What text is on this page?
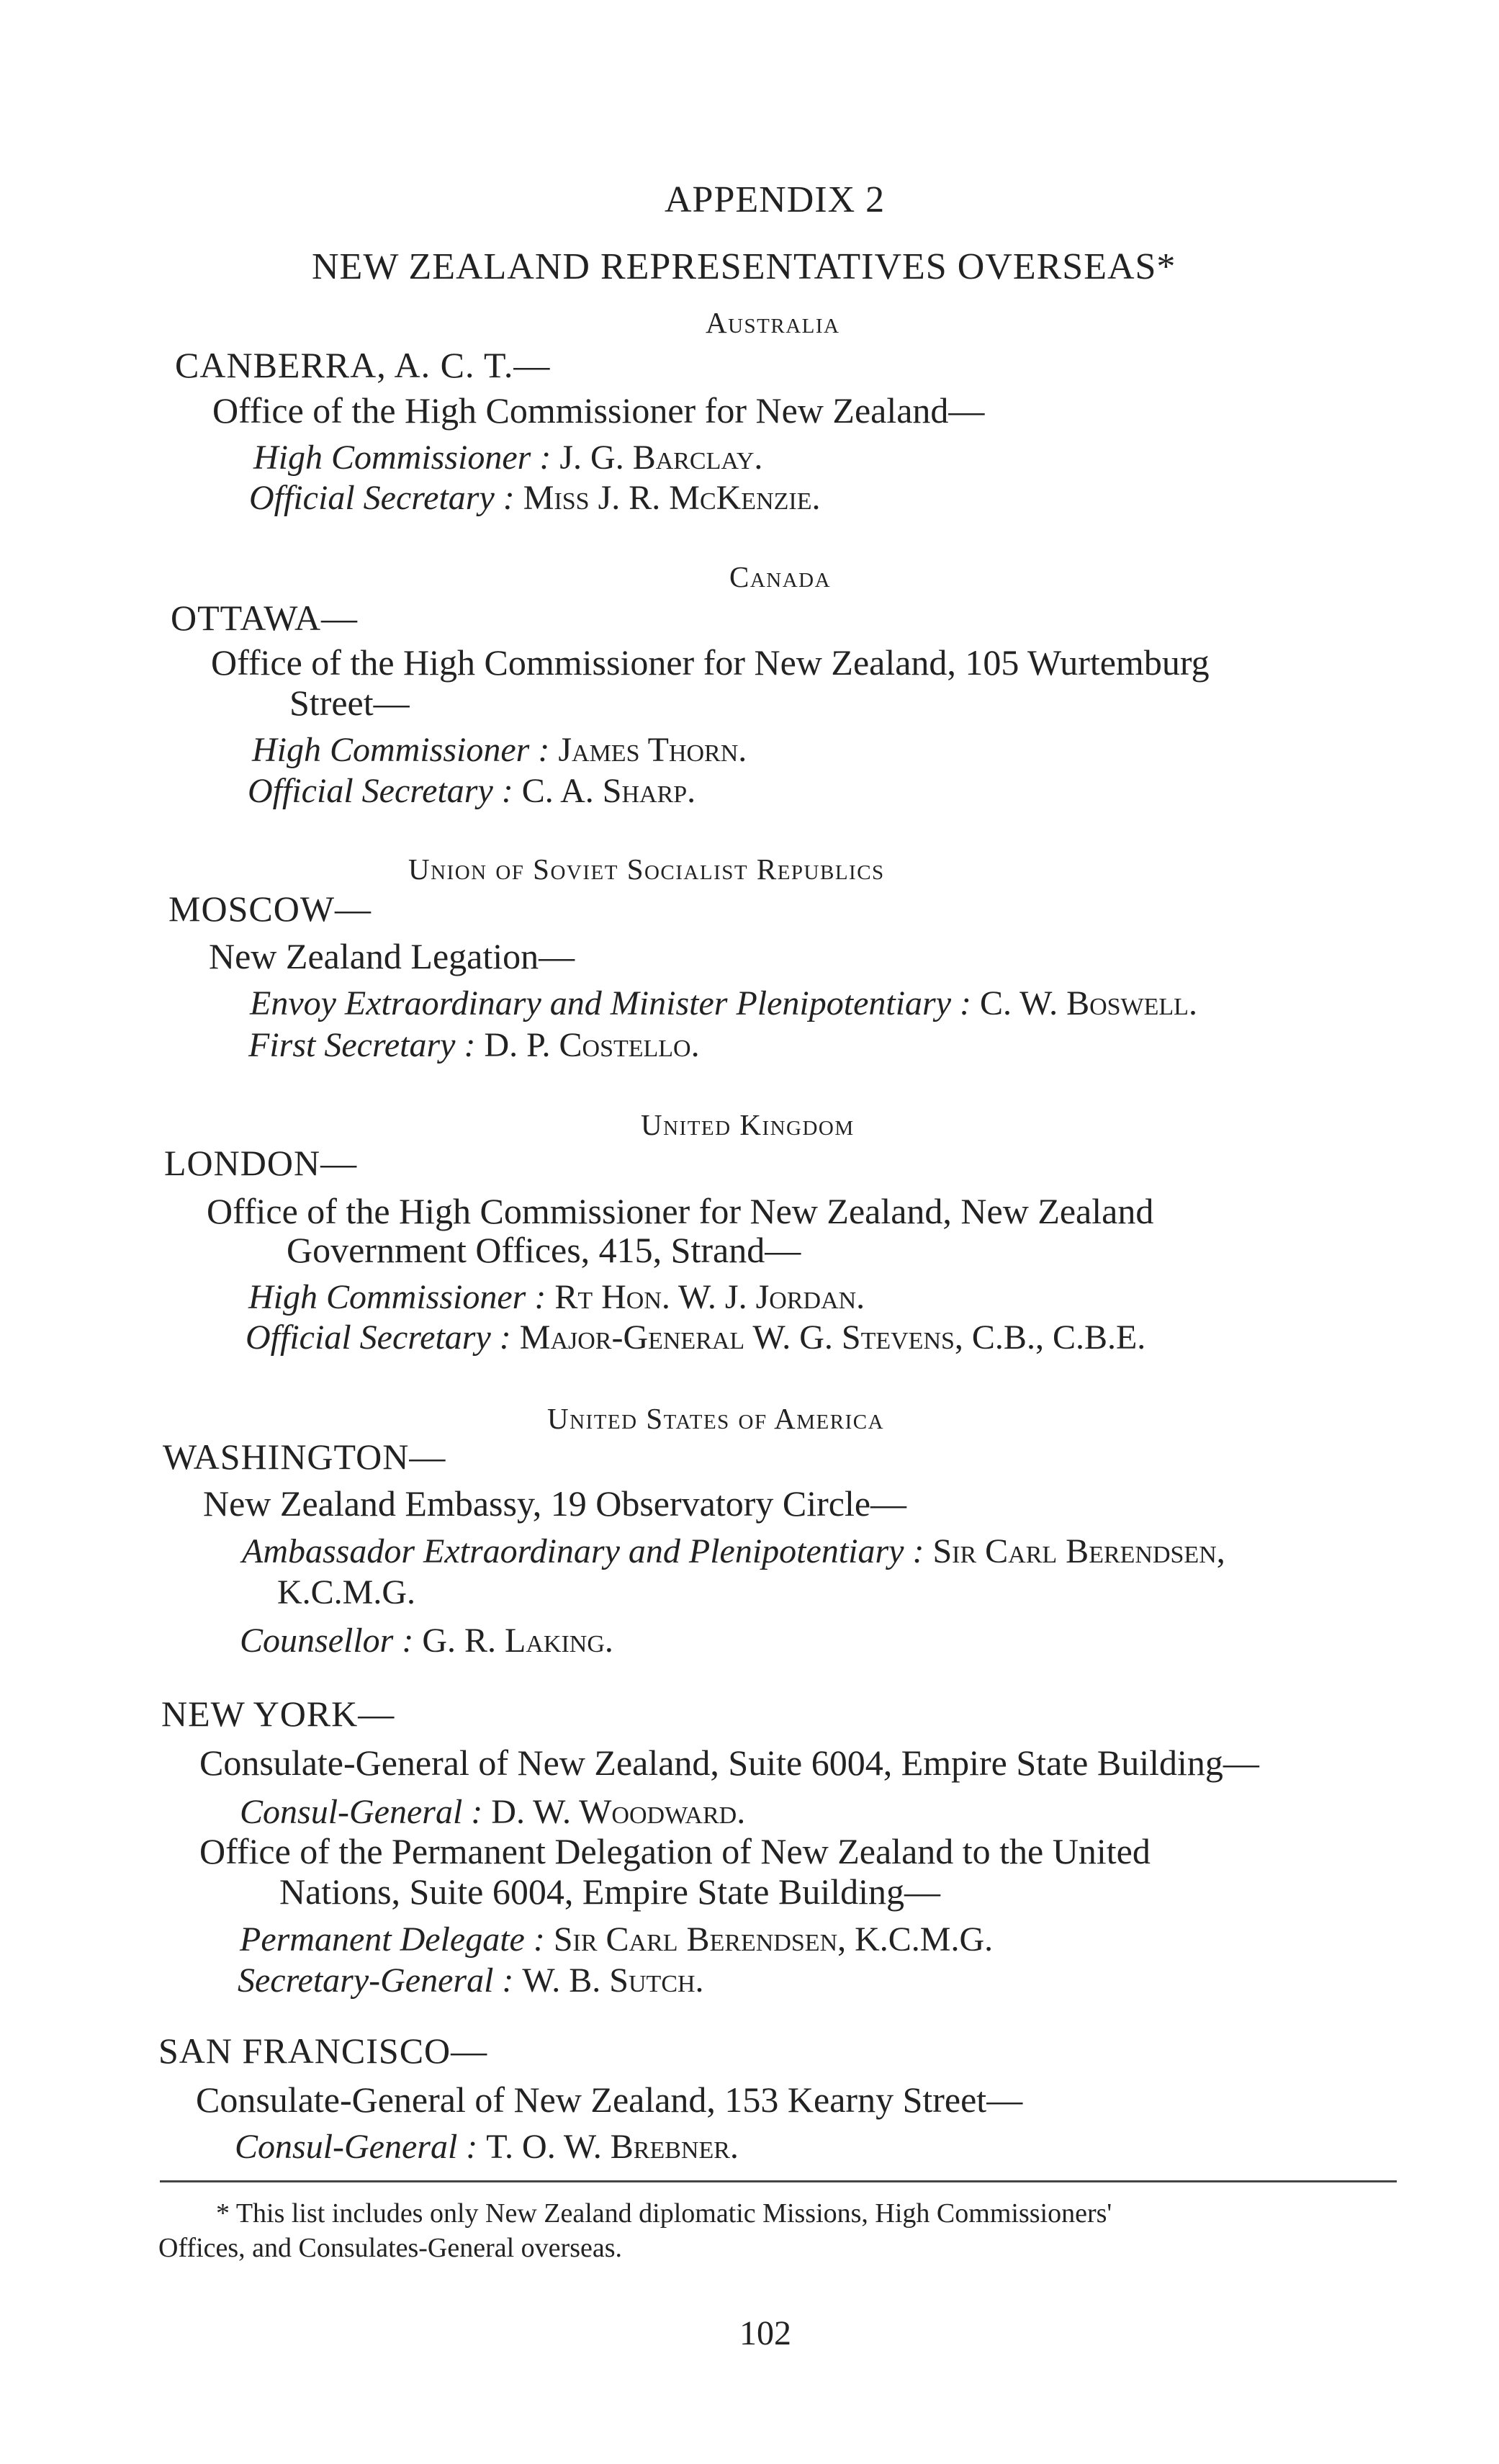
APPENDIX 2
NEW ZEALAND REPRESENTATIVES OVERSEAS*
Australia
CANBERRA, A. C. T.—
Office of the High Commissioner for New Zealand—
High Commissioner : J. G. Barclay.
Official Secretary : Miss J. R. McKenzie.
Canada
OTTAWA—
Office of the High Commissioner for New Zealand, 105 Wurtemburg
Street—
High Commissioner : James Thorn.
Official Secretary : C. A. Sharp.
Union of Soviet Socialist Republics
MOSCOW—
New Zealand Legation—
Envoy Extraordinary and Minister Plenipotentiary : C. W. Boswell.
First Secretary : D. P. Costello.
United Kingdom
LONDON—
Office of the High Commissioner for New Zealand, New Zealand
Government Offices, 415, Strand—
High Commissioner : Rt Hon. W. J. Jordan.
Official Secretary : Major-General W. G. Stevens, C.B., C.B.E.
United States of America
WASHINGTON—
New Zealand Embassy, 19 Observatory Circle—
Ambassador Extraordinary and Plenipotentiary : Sir Carl Berendsen,
K.C.M.G.
Counsellor : G. R. Laking.
NEW YORK—
Consulate-General of New Zealand, Suite 6004, Empire State Building—
Consul-General : D. W. Woodward.
Office of the Permanent Delegation of New Zealand to the United
Nations, Suite 6004, Empire State Building—
Permanent Delegate : Sir Carl Berendsen, K.C.M.G.
Secretary-General : W. B. Sutch.
SAN FRANCISCO—
Consulate-General of New Zealand, 153 Kearny Street—
Consul-General : T. O. W. Brebner.
* This list includes only New Zealand diplomatic Missions, High Commissioners'
Offices, and Consulates-General overseas.
102
